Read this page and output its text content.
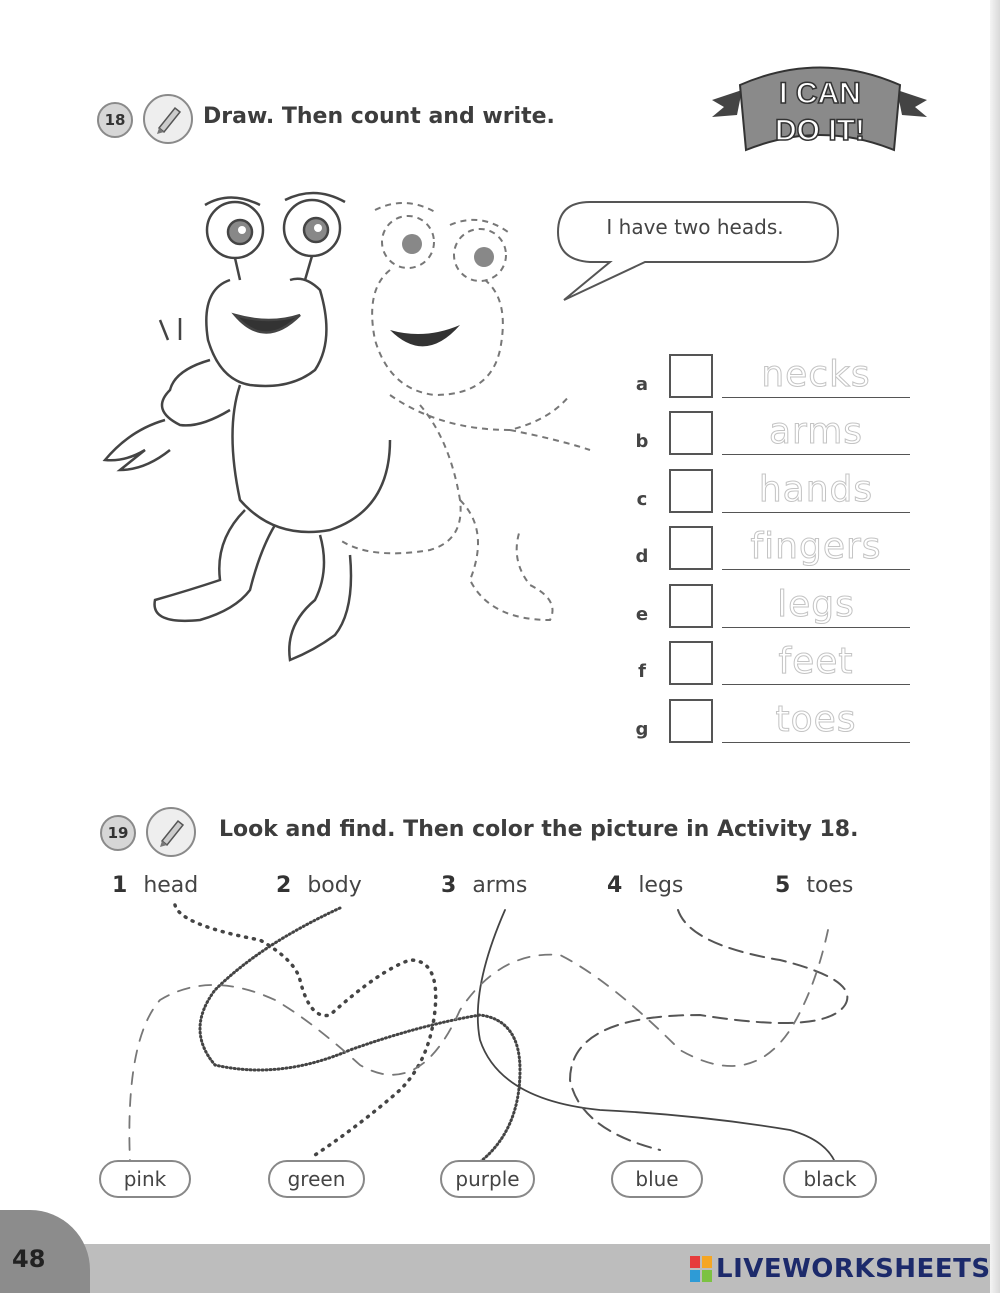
18	Draw. Then count and write.
I CAN
DO IT!
I have two heads.
a	necks
b	arms
c	hands
d	fingers
e	legs
f	feet
g	toes
19	Look and find. Then color the picture in Activity 18.
1 head	2 body	3 arms	4 legs	5 toes
pink	green	purple	blue	black
48	LIVEWORKSHEETS
